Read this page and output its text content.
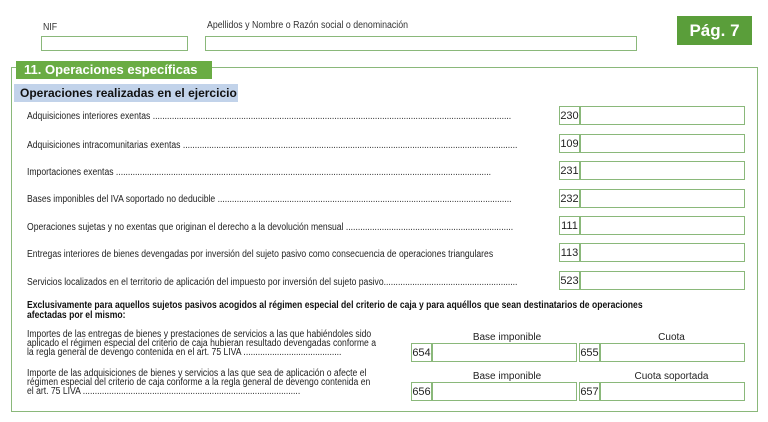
NIF	Apellidos y Nombre o Razón social o denominación	Pág. 7
11. Operaciones específicas
Operaciones realizadas en el ejercicio
Adquisiciones interiores exentas ......................................................................................................................................................	230
Adquisiciones intracomunitarias exentas ............................................................................................................................................	109
Importaciones exentas .............................................................................................................................................................	231
Bases imponibles del IVA soportado no deducible ...........................................................................................................................	232
Operaciones sujetas y no exentas que originan el derecho a la devolución mensual ......................................................................	111
Entregas interiores de bienes devengadas por inversión del sujeto pasivo como consecuencia de operaciones triangulares	113
Servicios localizados en el territorio de aplicación del impuesto por inversión del sujeto pasivo........................................................	523
Exclusivamente para aquellos sujetos pasivos acogidos al régimen especial del criterio de caja y para aquéllos que sean destinatarios de operaciones
afectadas por el mismo:
Importes de las entregas de bienes y prestaciones de servicios a las que habiéndoles sido
aplicado el régimen especial del criterio de caja hubieran resultado devengadas conforme a
la regla general de devengo contenida en el art. 75 LIVA .........................................
Base imponible	Cuota
654	655
Importe de las adquisiciones de bienes y servicios a las que sea de aplicación o afecte el
régimen especial del criterio de caja conforme a la regla general de devengo contenida en
el art. 75 LIVA ...........................................................................................
Base imponible	Cuota soportada
656	657
